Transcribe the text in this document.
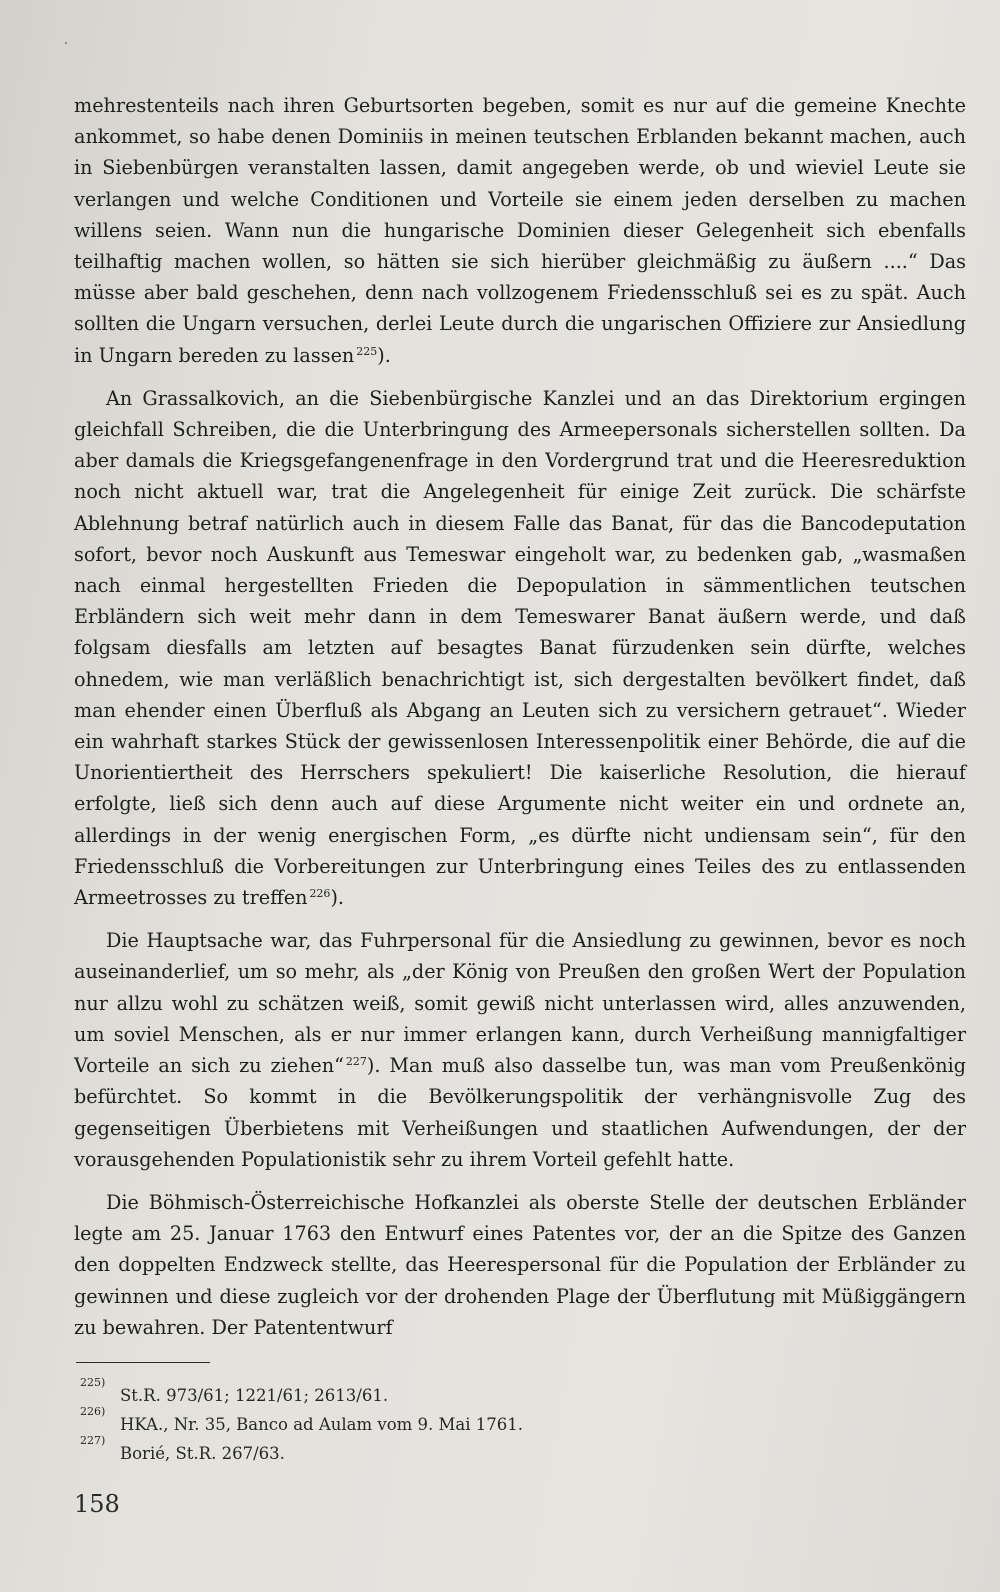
mehrestenteils nach ihren Geburtsorten begeben, somit es nur auf die gemeine Knechte ankommet, so habe denen Dominiis in meinen teutschen Erblanden bekannt machen, auch in Siebenbürgen veranstalten lassen, damit angegeben werde, ob und wieviel Leute sie verlangen und welche Conditionen und Vorteile sie einem jeden derselben zu machen willens seien. Wann nun die hungarische Dominien dieser Gelegenheit sich ebenfalls teilhaftig machen wollen, so hätten sie sich hierüber gleichmäßig zu äußern ....“ Das müsse aber bald geschehen, denn nach vollzogenem Friedensschluß sei es zu spät. Auch sollten die Ungarn versuchen, derlei Leute durch die ungarischen Offiziere zur Ansiedlung in Ungarn bereden zu lassen  $^{225}$).

An Grassalkovich, an die Siebenbürgische Kanzlei und an das Direktorium ergingen gleichfall Schreiben, die die Unterbringung des Armeepersonals sicherstellen sollten. Da aber damals die Kriegsgefangenenfrage in den Vordergrund trat und die Heeresreduktion noch nicht aktuell war, trat die Angelegenheit für einige Zeit zurück. Die schärfste Ablehnung betraf natürlich auch in diesem Falle das Banat, für das die Bancodeputation sofort, bevor noch Auskunft aus Temeswar eingeholt war, zu bedenken gab, „wasmaßen nach einmal hergestellten Frieden die Depopulation in sämmentlichen teutschen Erbländern sich weit mehr dann in dem Temeswarer Banat äußern werde, und daß folgsam diesfalls am letzten auf besagtes Banat fürzudenken sein dürfte, welches ohnedem, wie man verläßlich benachrichtigt ist, sich dergestalten bevölkert findet, daß man ehender einen Überfluß als Abgang an Leuten sich zu versichern getrauet“. Wieder ein wahrhaft starkes Stück der gewissenlosen Interessenpolitik einer Behörde, die auf die Unorientiertheit des Herrschers spekuliert! Die kaiserliche Resolution, die hierauf erfolgte, ließ sich denn auch auf diese Argumente nicht weiter ein und ordnete an, allerdings in der wenig energischen Form, „es dürfte nicht undiensam sein“, für den Friedensschluß die Vorbereitungen zur Unterbringung eines Teiles des zu entlassenden Armeetrosses zu treffen  $^{226}$).

Die Hauptsache war, das Fuhrpersonal für die Ansiedlung zu gewinnen, bevor es noch auseinanderlief, um so mehr, als „der König von Preußen den großen Wert der Population nur allzu wohl zu schätzen weiß, somit gewiß nicht unterlassen wird, alles anzuwenden, um soviel Menschen, als er nur immer erlangen kann, durch Verheißung mannigfaltiger Vorteile an sich zu ziehen“  $^{227}$). Man muß also dasselbe tun, was man vom Preußenkönig befürchtet. So kommt in die Bevölkerungspolitik der verhängnisvolle Zug des gegenseitigen Überbietens mit Verheißungen und staatlichen Aufwendungen, der der vorausgehenden Populationistik sehr zu ihrem Vorteil gefehlt hatte.

Die Böhmisch-Österreichische Hofkanzlei als oberste Stelle der deutschen Erbländer legte am 25. Januar 1763 den Entwurf eines Patentes vor, der an die Spitze des Ganzen den doppelten Endzweck stellte, das Heerespersonal für die Population der Erbländer zu gewinnen und diese zugleich vor der drohenden Plage der Überflutung mit Müßiggängern zu bewahren. Der Patententwurf

225)
St.R. 973/61; 1221/61; 2613/61.
226)
HKA., Nr. 35, Banco ad Aulam vom 9. Mai 1761.
227)
Borié, St.R. 267/63.
158
